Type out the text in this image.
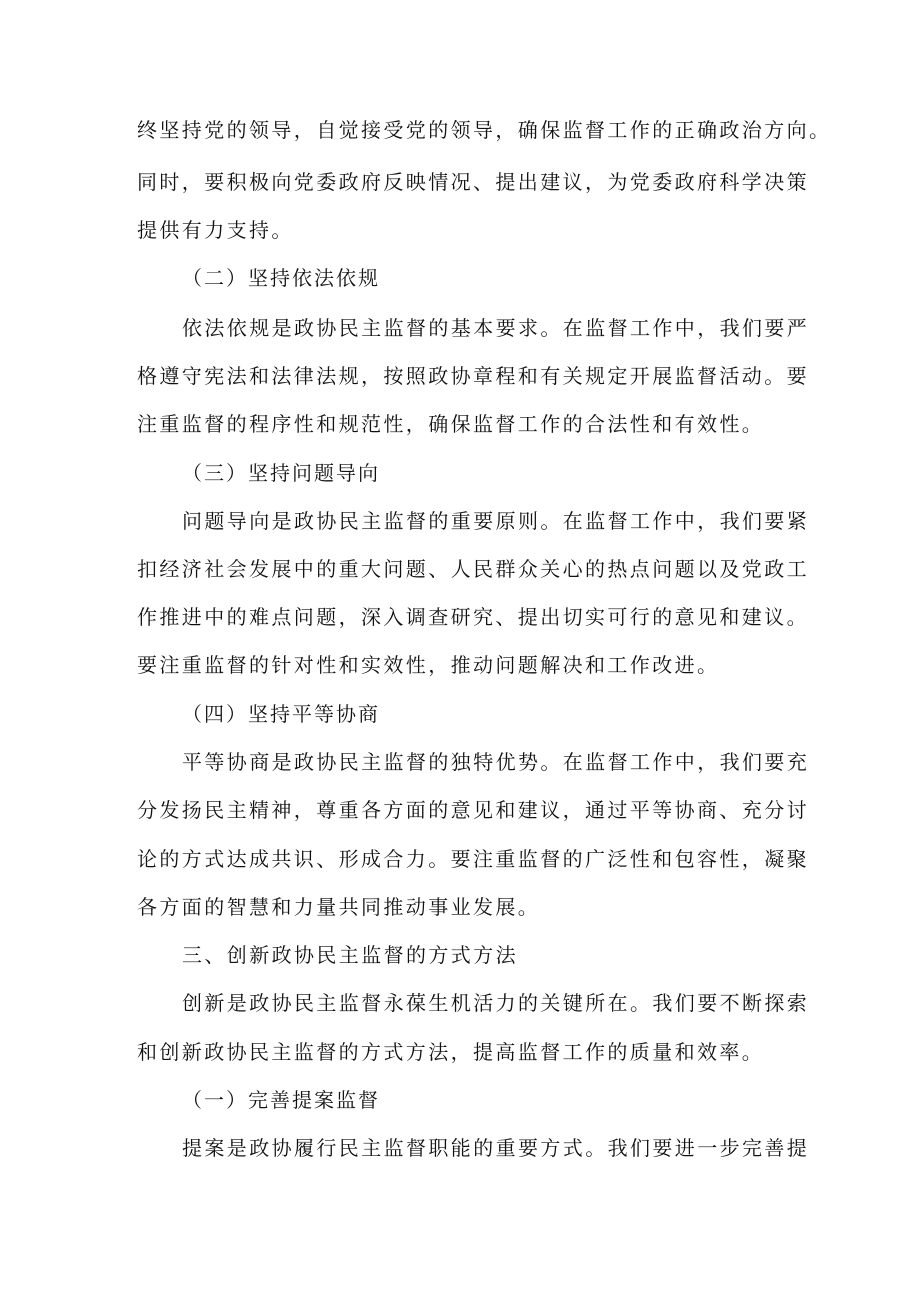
终坚持党的领导，自觉接受党的领导，确保监督工作的正确政治方向。
同时，要积极向党委政府反映情况、提出建议，为党委政府科学决策
提供有力支持。
（二）坚持依法依规
依法依规是政协民主监督的基本要求。在监督工作中，我们要严
格遵守宪法和法律法规，按照政协章程和有关规定开展监督活动。要
注重监督的程序性和规范性，确保监督工作的合法性和有效性。
（三）坚持问题导向
问题导向是政协民主监督的重要原则。在监督工作中，我们要紧
扣经济社会发展中的重大问题、人民群众关心的热点问题以及党政工
作推进中的难点问题，深入调查研究、提出切实可行的意见和建议。
要注重监督的针对性和实效性，推动问题解决和工作改进。
（四）坚持平等协商
平等协商是政协民主监督的独特优势。在监督工作中，我们要充
分发扬民主精神，尊重各方面的意见和建议，通过平等协商、充分讨
论的方式达成共识、形成合力。要注重监督的广泛性和包容性，凝聚
各方面的智慧和力量共同推动事业发展。
三、创新政协民主监督的方式方法
创新是政协民主监督永葆生机活力的关键所在。我们要不断探索
和创新政协民主监督的方式方法，提高监督工作的质量和效率。
（一）完善提案监督
提案是政协履行民主监督职能的重要方式。我们要进一步完善提
